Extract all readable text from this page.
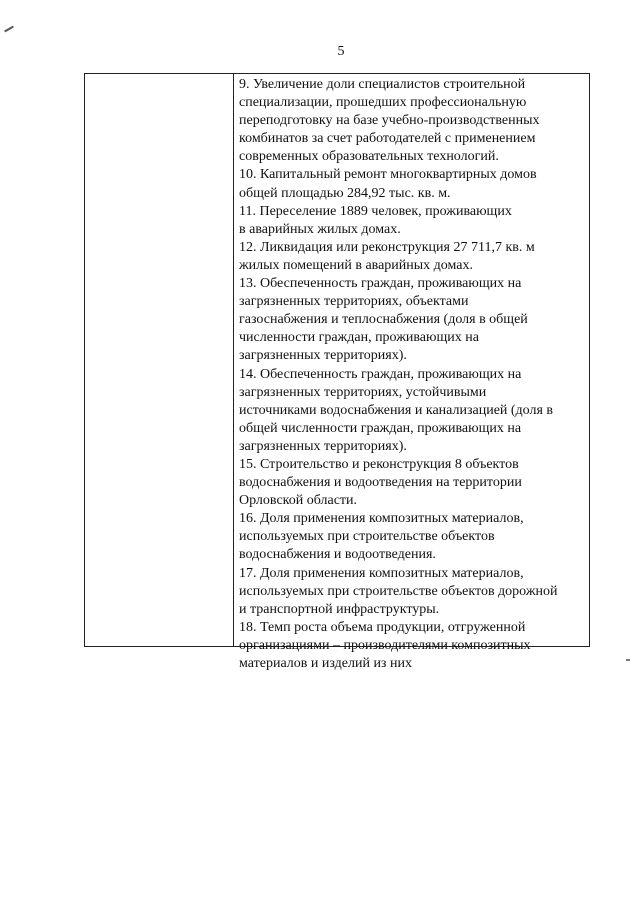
5
9. Увеличение доли специалистов строительной
специализации, прошедших профессиональную
переподготовку на базе учебно-производственных
комбинатов за счет работодателей с применением
современных образовательных технологий.
10. Капитальный ремонт многоквартирных домов
общей площадью 284,92 тыс. кв. м.
11. Переселение 1889 человек, проживающих
в аварийных жилых домах.
12. Ликвидация или реконструкция 27 711,7 кв. м
жилых помещений в аварийных домах.
13. Обеспеченность граждан, проживающих на
загрязненных территориях, объектами
газоснабжения и теплоснабжения (доля в общей
численности граждан, проживающих на
загрязненных территориях).
14. Обеспеченность граждан, проживающих на
загрязненных территориях, устойчивыми
источниками водоснабжения и канализацией (доля в
общей численности граждан, проживающих на
загрязненных территориях).
15. Строительство и реконструкция 8 объектов
водоснабжения и водоотведения на территории
Орловской области.
16. Доля применения композитных материалов,
используемых при строительстве объектов
водоснабжения и водоотведения.
17. Доля применения композитных материалов,
используемых при строительстве объектов дорожной
и транспортной инфраструктуры.
18. Темп роста объема продукции, отгруженной
организациями – производителями композитных
материалов и изделий из них
